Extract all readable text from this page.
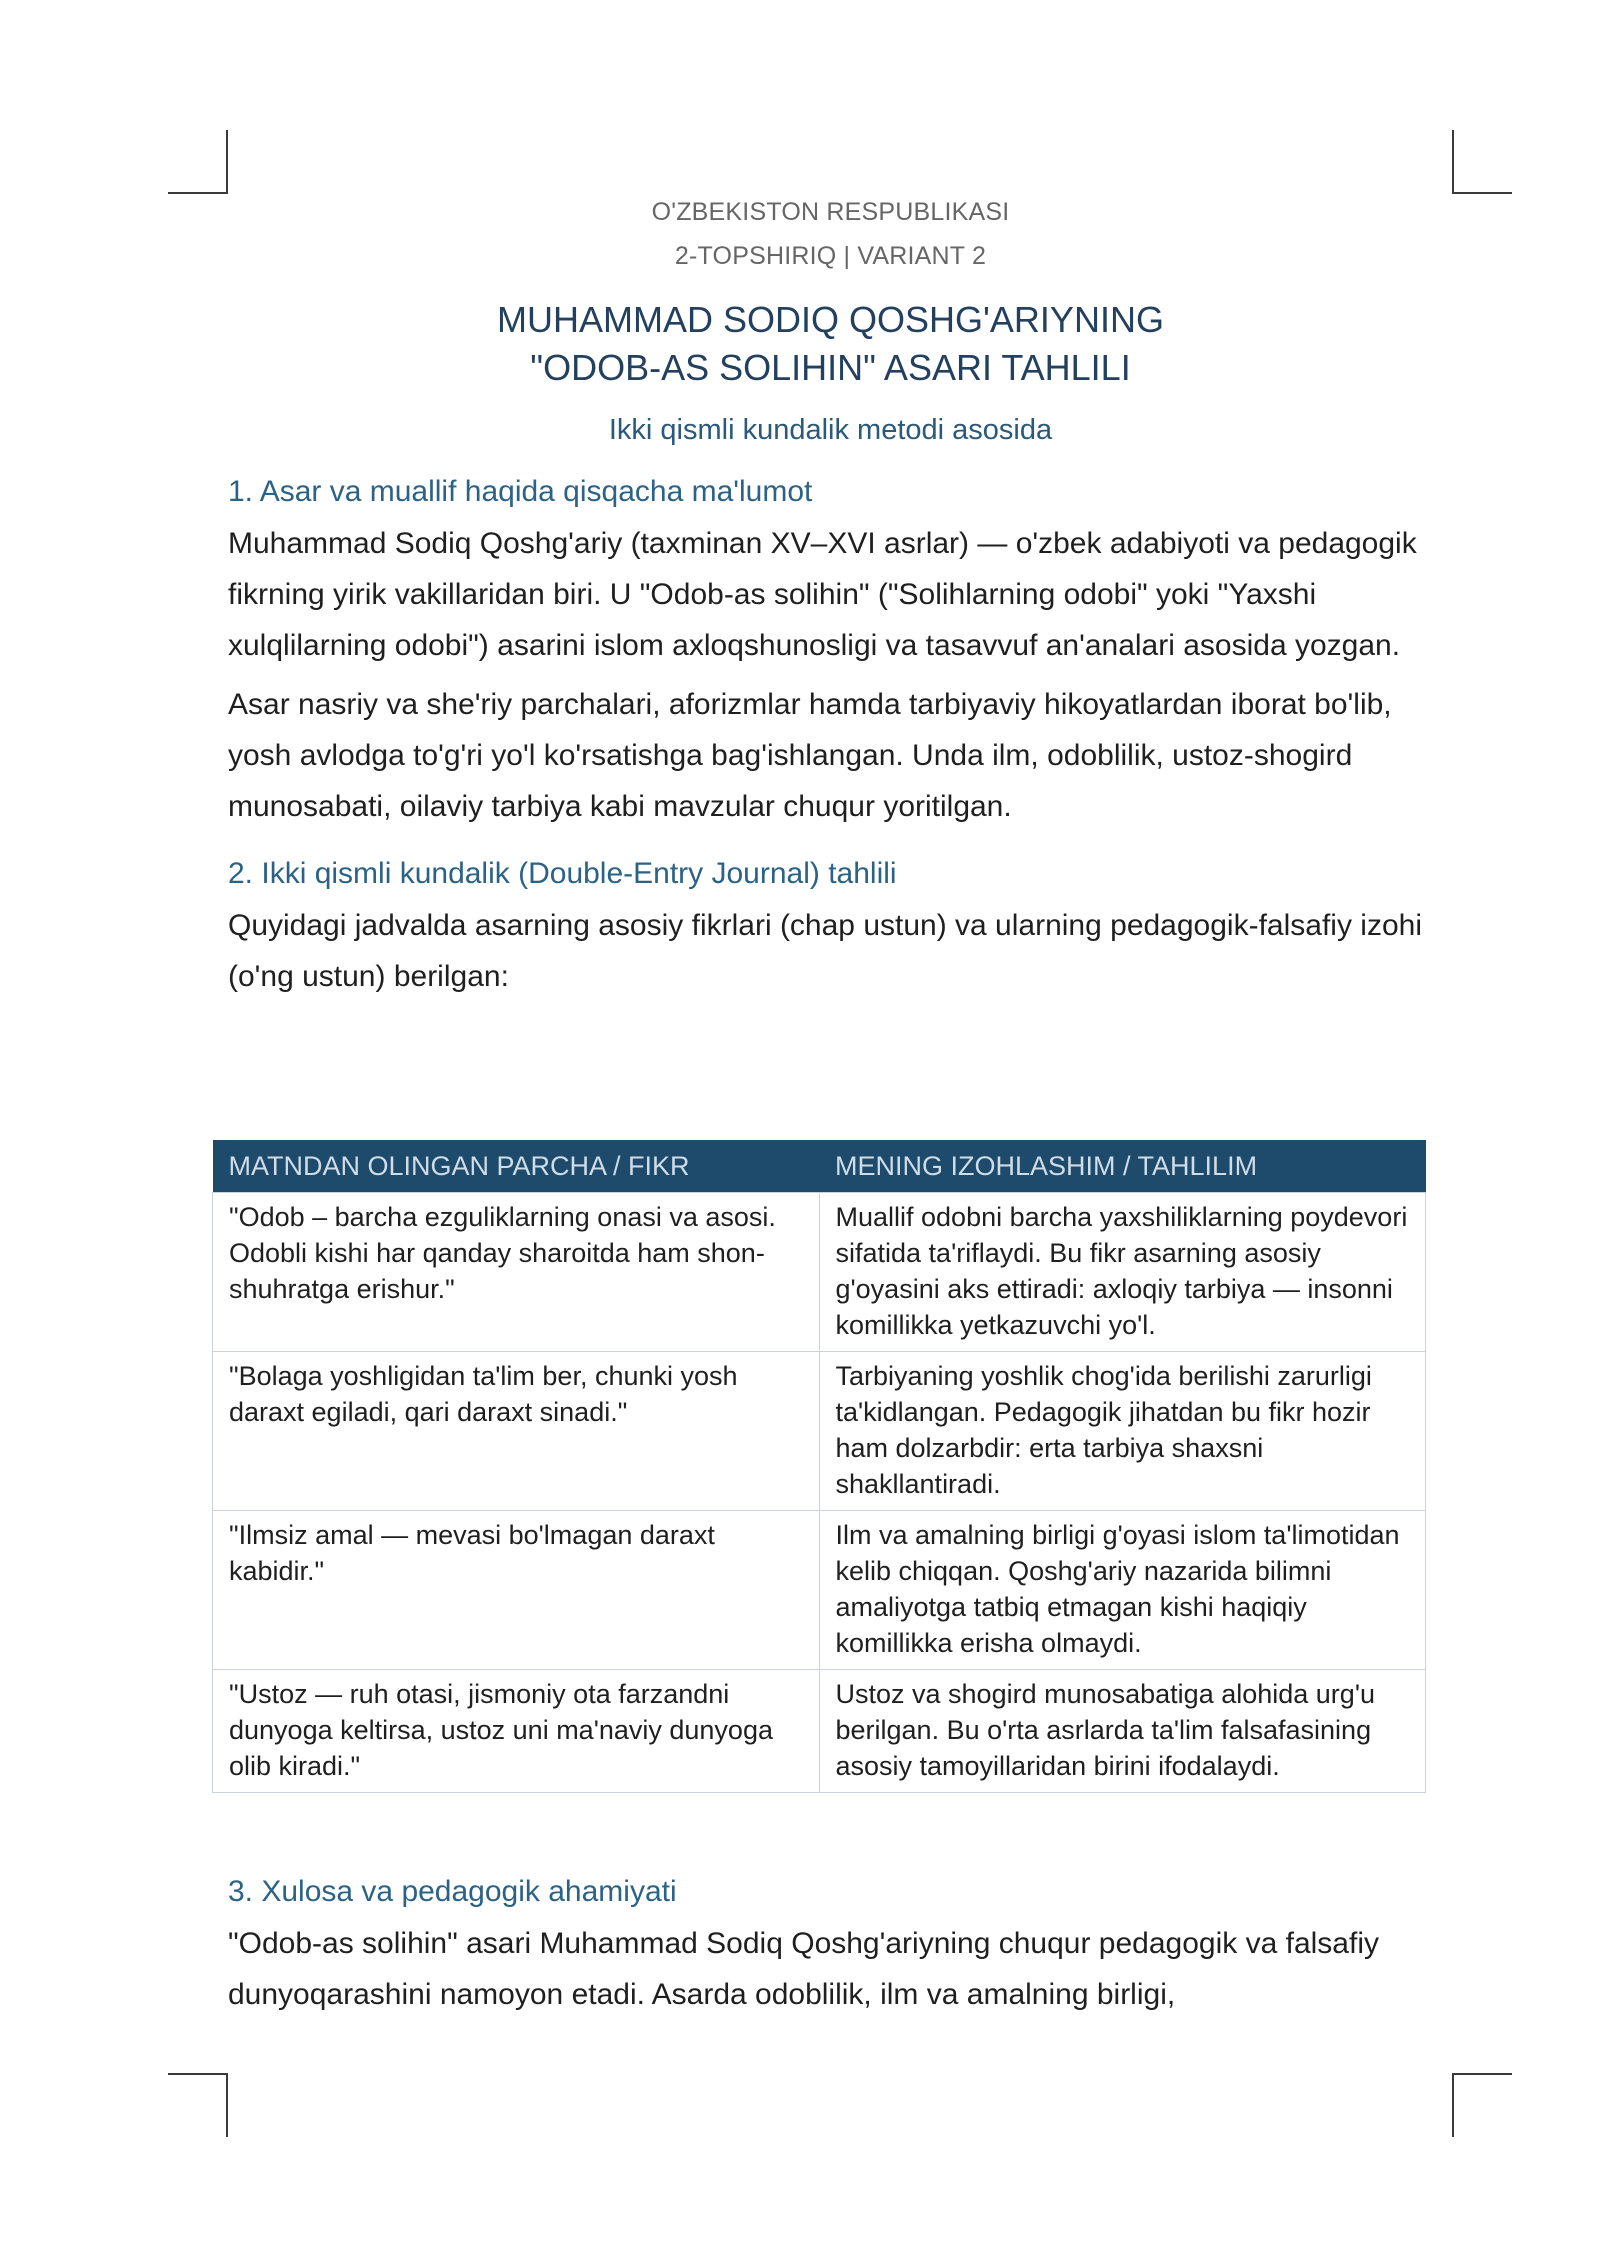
O'ZBEKISTON RESPUBLIKASI
2-TOPSHIRIQ | VARIANT 2
MUHAMMAD SODIQ QOSHG'ARIYNING
"ODOB-AS SOLIHIN" ASARI TAHLILI
Ikki qismli kundalik metodi asosida
1. Asar va muallif haqida qisqacha ma'lumot
Muhammad Sodiq Qoshg'ariy (taxminan XV–XVI asrlar) — o'zbek adabiyoti va pedagogik fikrning yirik vakillaridan biri. U "Odob-as solihin" ("Solihlarning odobi" yoki "Yaxshi xulqlilarning odobi") asarini islom axloqshunosligi va tasavvuf an'analari asosida yozgan.
Asar nasriy va she'riy parchalari, aforizmlar hamda tarbiyaviy hikoyatlardan iborat bo'lib, yosh avlodga to'g'ri yo'l ko'rsatishga bag'ishlangan. Unda ilm, odoblilik, ustoz-shogird munosabati, oilaviy tarbiya kabi mavzular chuqur yoritilgan.
2. Ikki qismli kundalik (Double-Entry Journal) tahlili
Quyidagi jadvalda asarning asosiy fikrlari (chap ustun) va ularning pedagogik-falsafiy izohi (o'ng ustun) berilgan:
MATNDAN OLINGAN PARCHA / FIKR	MENING IZOHLASHIM / TAHLILIM
"Odob – barcha ezguliklarning onasi va asosi. Odobli kishi har qanday sharoitda ham shon-shuhratga erishur."	Muallif odobni barcha yaxshiliklarning poydevori sifatida ta'riflaydi. Bu fikr asarning asosiy g'oyasini aks ettiradi: axloqiy tarbiya — insonni komillikka yetkazuvchi yo'l.
"Bolaga yoshligidan ta'lim ber, chunki yosh daraxt egiladi, qari daraxt sinadi."	Tarbiyaning yoshlik chog'ida berilishi zarurligi ta'kidlangan. Pedagogik jihatdan bu fikr hozir ham dolzarbdir: erta tarbiya shaxsni shakllantiradi.
"Ilmsiz amal — mevasi bo'lmagan daraxt kabidir."	Ilm va amalning birligi g'oyasi islom ta'limotidan kelib chiqqan. Qoshg'ariy nazarida bilimni amaliyotga tatbiq etmagan kishi haqiqiy komillikka erisha olmaydi.
"Ustoz — ruh otasi, jismoniy ota farzandni dunyoga keltirsa, ustoz uni ma'naviy dunyoga olib kiradi."	Ustoz va shogird munosabatiga alohida urg'u berilgan. Bu o'rta asrlarda ta'lim falsafasining asosiy tamoyillaridan birini ifodalaydi.
3. Xulosa va pedagogik ahamiyati
"Odob-as solihin" asari Muhammad Sodiq Qoshg'ariyning chuqur pedagogik va falsafiy dunyoqarashini namoyon etadi. Asarda odoblilik, ilm va amalning birligi,
